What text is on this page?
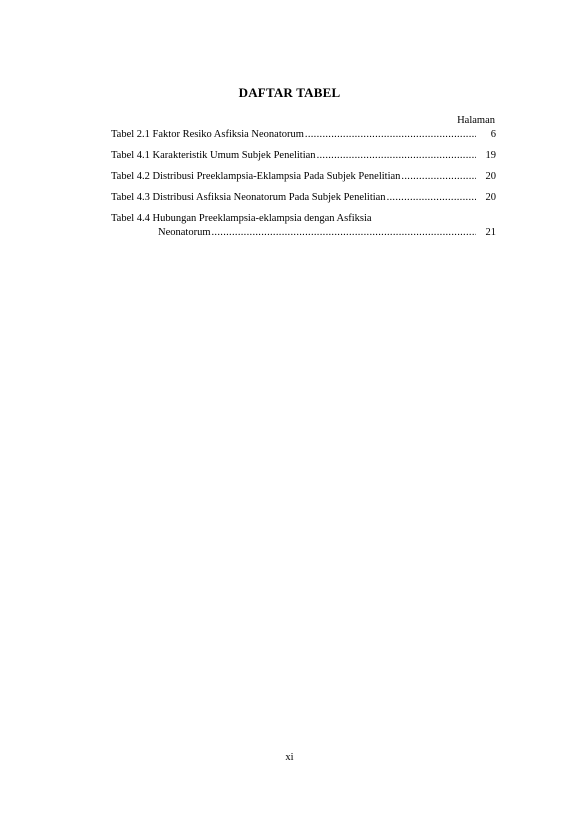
DAFTAR TABEL
Halaman
Tabel 2.1 Faktor Resiko Asfiksia Neonatorum .....	6
Tabel 4.1 Karakteristik Umum Subjek Penelitian .....	19
Tabel 4.2 Distribusi Preeklampsia-Eklampsia Pada Subjek Penelitian .....	20
Tabel 4.3 Distribusi Asfiksia Neonatorum Pada Subjek Penelitian .....	20
Tabel 4.4 Hubungan Preeklampsia-eklampsia dengan Asfiksia
Neonatorum .....	21
xi
